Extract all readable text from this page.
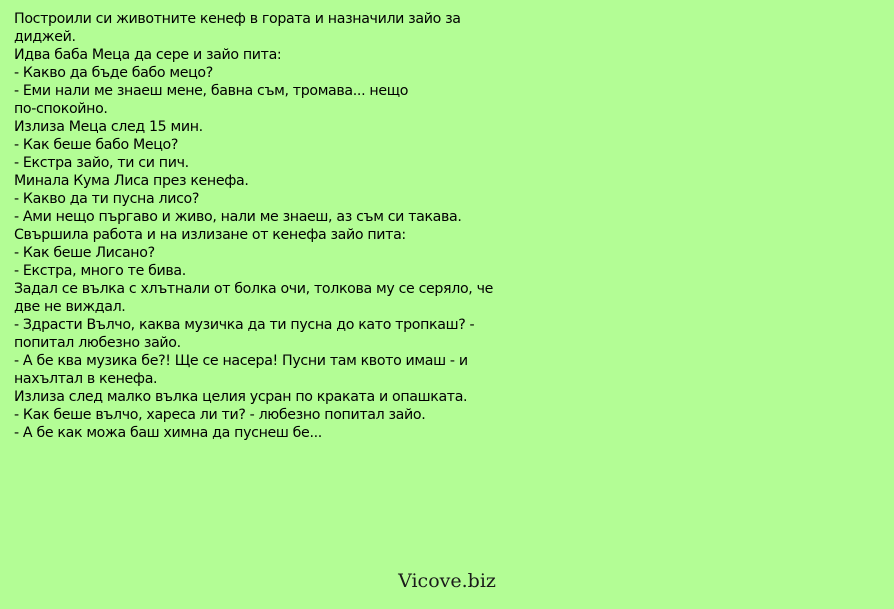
Построили си животните кенеф в гората и назначили зайо за
диджей.
Идва баба Меца да сере и зайо пита:
- Какво да бъде бабо мецо?
- Еми нали ме знаеш мене, бавна съм, тромава... нещо
по-спокойно.
Излиза Меца след 15 мин.
- Как беше бабо Мецо?
- Екстра зайо, ти си пич.
Минала Кума Лиса през кенефа.
- Какво да ти пусна лисо?
- Ами нещо пъргаво и живо, нали ме знаеш, аз съм си такава.
Свършила работа и на излизане от кенефа зайо пита:
- Как беше Лисано?
- Екстра, много те бива.
Задал се вълка с хлътнали от болка очи, толкова му се серяло, че
две не виждал.
- Здрасти Вълчо, каква музичка да ти пусна до като тропкаш? -
попитал любезно зайо.
- А бе ква музика бе?! Ще се насера! Пусни там квото имаш - и
нахълтал в кенефа.
Излиза след малко вълка целия усран по краката и опашката.
- Как беше вълчо, хареса ли ти? - любезно попитал зайо.
- А бе как можа баш химна да пуснеш бе...
Vicove.biz
